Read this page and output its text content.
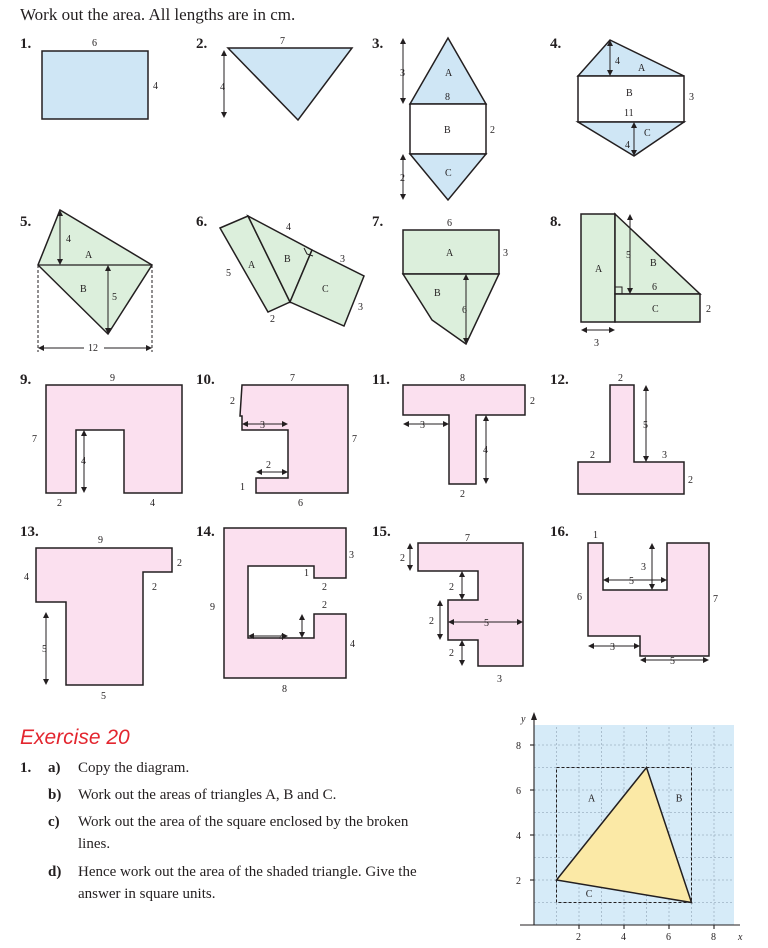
Work out the area. All lengths are in cm.
1.	6
4
2.	7
4
3.
3	A
8
B	2
2	C
4.
4
A
B
11
3
C
4
5.
4
A
B
5
12
6.	4
5
A
B	3
C
3
2
7.	6
A	3
B
6
8.
A
5
B
6
C	2
3
9.	9
7
4
2	4
10.	7
2
3
7
2
1
6
11.	8
2
3
4
2
12.	2
5
2	3
2
13.
9
2
4
2
5
5
14.
3
1
2
2
9
4
4
8
15.	7
2
2
2	5
2
3
16. 1
3
5
6	7
3
5
Exercise 20
1. a) Copy the diagram.
b) Work out the areas of triangles A, B and C.
c) Work out the area of the square enclosed by the broken
lines.
d) Hence work out the area of the shaded triangle. Give the
answer in square units.
y
x
2	4	6	8
2
4
6
8
A	B
C
